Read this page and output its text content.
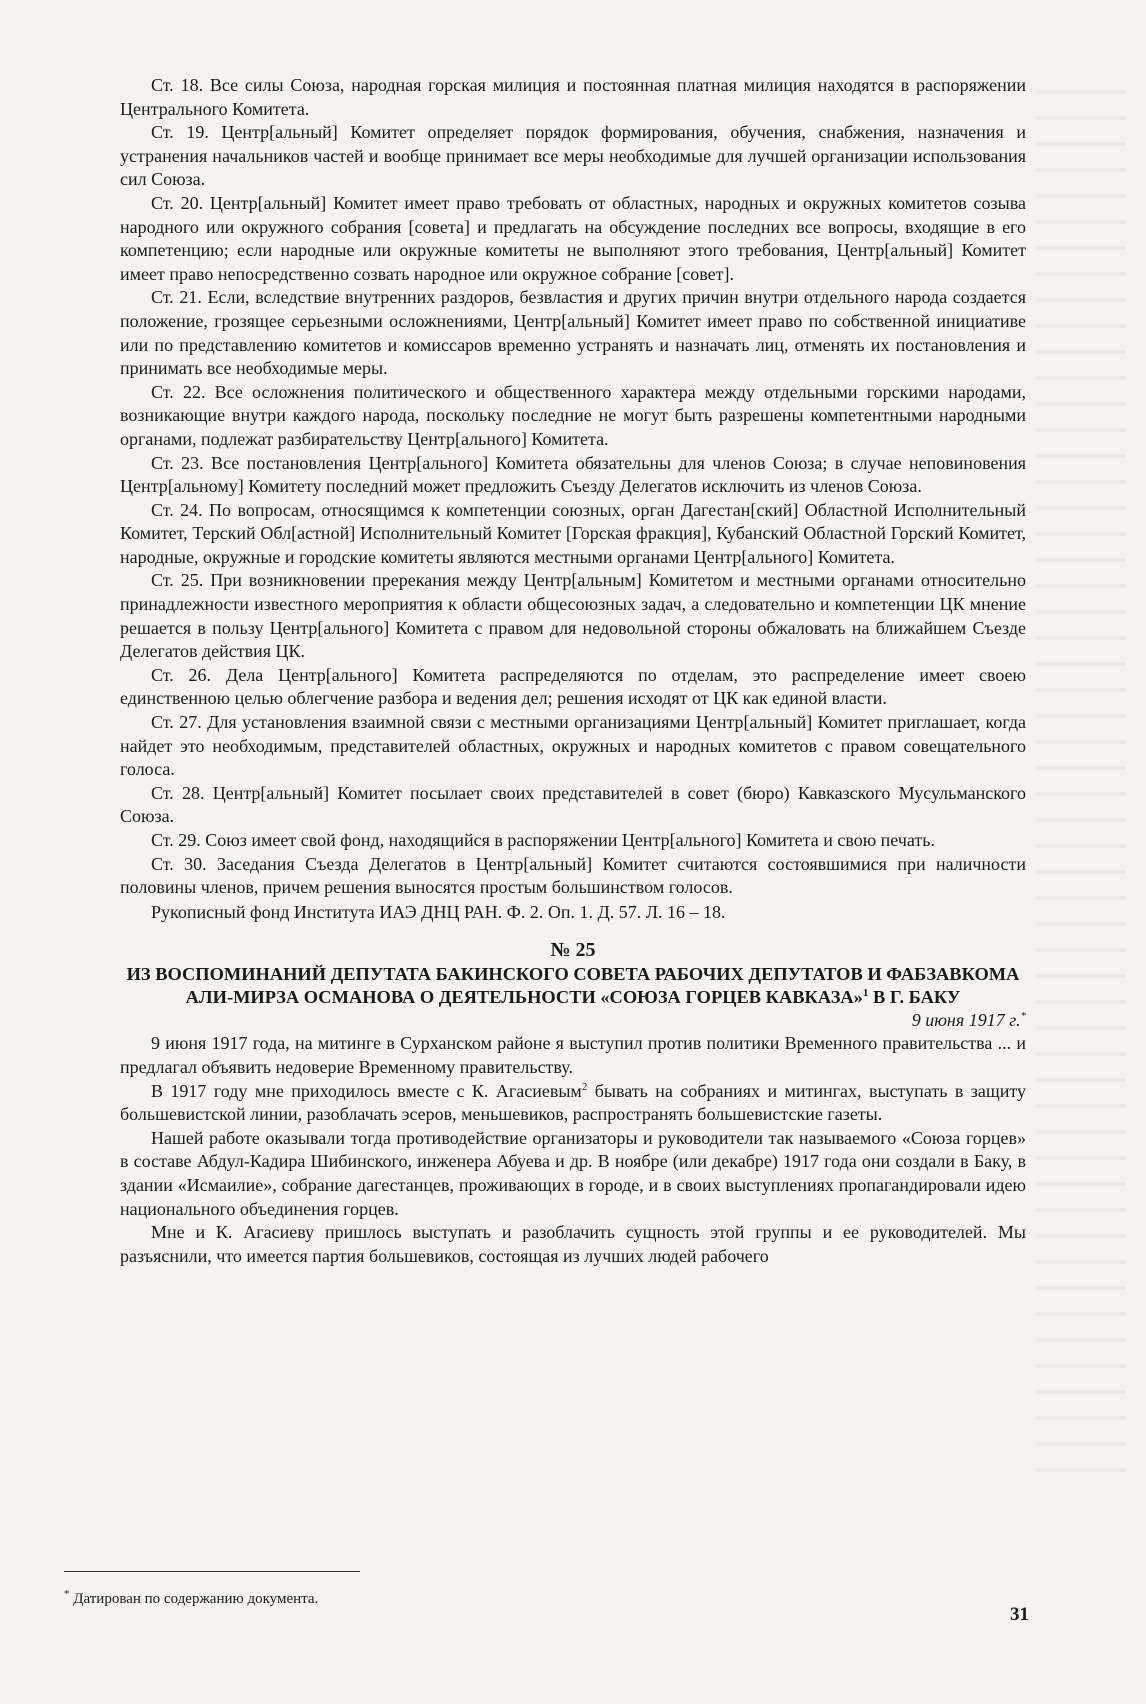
Ст. 18. Все силы Союза, народная горская милиция и постоянная платная милиция находятся в распоряжении Центрального Комитета.

Ст. 19. Центр[альный] Комитет определяет порядок формирования, обучения, снабжения, назначения и устранения начальников частей и вообще принимает все меры необходимые для лучшей организации использования сил Союза.

Ст. 20. Центр[альный] Комитет имеет право требовать от областных, народных и окружных комитетов созыва народного или окружного собрания [совета] и предлагать на обсуждение последних все вопросы, входящие в его компетенцию; если народные или окружные комитеты не выполняют этого требования, Центр[альный] Комитет имеет право непосредственно созвать народное или окружное собрание [совет].

Ст. 21. Если, вследствие внутренних раздоров, безвластия и других причин внутри отдельного народа создается положение, грозящее серьезными осложнениями, Центр[альный] Комитет имеет право по собственной инициативе или по представлению комитетов и комиссаров временно устранять и назначать лиц, отменять их постановления и принимать все необходимые меры.

Ст. 22. Все осложнения политического и общественного характера между отдельными горскими народами, возникающие внутри каждого народа, поскольку последние не могут быть разрешены компетентными народными органами, подлежат разбирательству Центр[ального] Комитета.

Ст. 23. Все постановления Центр[ального] Комитета обязательны для членов Союза; в случае неповиновения Центр[альному] Комитету последний может предложить Съезду Делегатов исключить из членов Союза.

Ст. 24. По вопросам, относящимся к компетенции союзных, орган Дагестан[ский] Областной Исполнительный Комитет, Терский Обл[астной] Исполнительный Комитет [Горская фракция], Кубанский Областной Горский Комитет, народные, окружные и городские комитеты являются местными органами Центр[ального] Комитета.

Ст. 25. При возникновении пререкания между Центр[альным] Комитетом и местными органами относительно принадлежности известного мероприятия к области общесоюзных задач, а следовательно и компетенции ЦК мнение решается в пользу Центр[ального] Комитета с правом для недовольной стороны обжаловать на ближайшем Съезде Делегатов действия ЦК.

Ст. 26. Дела Центр[ального] Комитета распределяются по отделам, это распределение имеет своею единственною целью облегчение разбора и ведения дел; решения исходят от ЦК как единой власти.

Ст. 27. Для установления взаимной связи с местными организациями Центр[альный] Комитет приглашает, когда найдет это необходимым, представителей областных, окружных и народных комитетов с правом совещательного голоса.

Ст. 28. Центр[альный] Комитет посылает своих представителей в совет (бюро) Кавказского Мусульманского Союза.

Ст. 29. Союз имеет свой фонд, находящийся в распоряжении Центр[ального] Комитета и свою печать.

Ст. 30. Заседания Съезда Делегатов в Центр[альный] Комитет считаются состоявшимися при наличности половины членов, причем решения выносятся простым большинством голосов.

Рукописный фонд Института ИАЭ ДНЦ РАН. Ф. 2. Оп. 1. Д. 57. Л. 16 – 18.

№ 25
ИЗ ВОСПОМИНАНИЙ ДЕПУТАТА БАКИНСКОГО СОВЕТА РАБОЧИХ ДЕПУТАТОВ И ФАБЗАВКОМА АЛИ-МИРЗА ОСМАНОВА О ДЕЯТЕЛЬНОСТИ «СОЮЗА ГОРЦЕВ КАВКАЗА»$^1$ В Г. БАКУ
9 июня 1917 г.*

9 июня 1917 года, на митинге в Сурханском районе я выступил против политики Временного правительства ... и предлагал объявить недоверие Временному правительству.

В 1917 году мне приходилось вместе с К. Агасиевым$^2$ бывать на собраниях и митингах, выступать в защиту большевистской линии, разоблачать эсеров, меньшевиков, распространять большевистские газеты.

Нашей работе оказывали тогда противодействие организаторы и руководители так называемого «Союза горцев» в составе Абдул-Кадира Шибинского, инженера Абуева и др. В ноябре (или декабре) 1917 года они создали в Баку, в здании «Исмаилие», собрание дагестанцев, проживающих в городе, и в своих выступлениях пропагандировали идею национального объединения горцев.

Мне и К. Агасиеву пришлось выступать и разоблачить сущность этой группы и ее руководителей. Мы разъяснили, что имеется партия большевиков, состоящая из лучших людей рабочего

* Датирован по содержанию документа.
31
